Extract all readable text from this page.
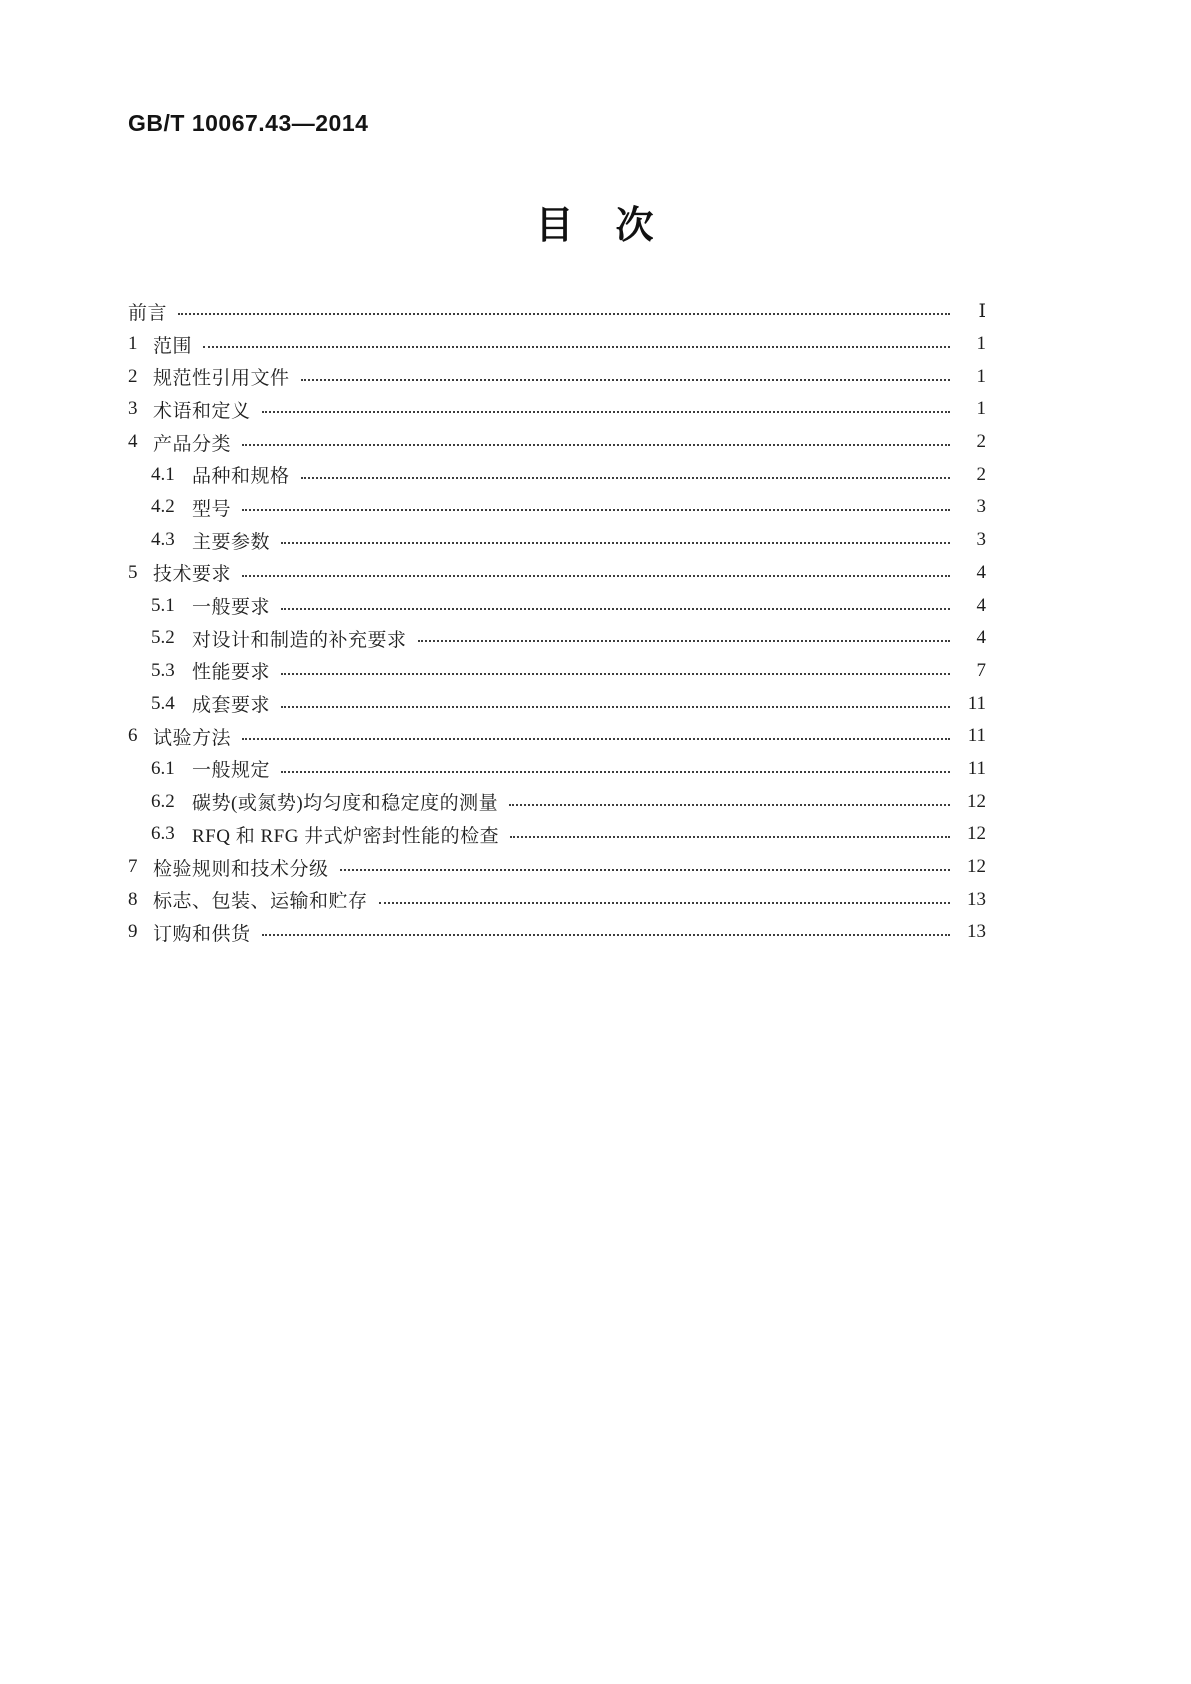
GB/T 10067.43—2014
目　次
前言	Ⅰ
1 范围	1
2 规范性引用文件	1
3 术语和定义	1
4 产品分类	2
4.1 品种和规格	2
4.2 型号	3
4.3 主要参数	3
5 技术要求	4
5.1 一般要求	4
5.2 对设计和制造的补充要求	4
5.3 性能要求	7
5.4 成套要求	11
6 试验方法	11
6.1 一般规定	11
6.2 碳势(或氮势)均匀度和稳定度的测量	12
6.3 RFQ 和 RFG 井式炉密封性能的检查	12
7 检验规则和技术分级	12
8 标志、包装、运输和贮存	13
9 订购和供货	13
